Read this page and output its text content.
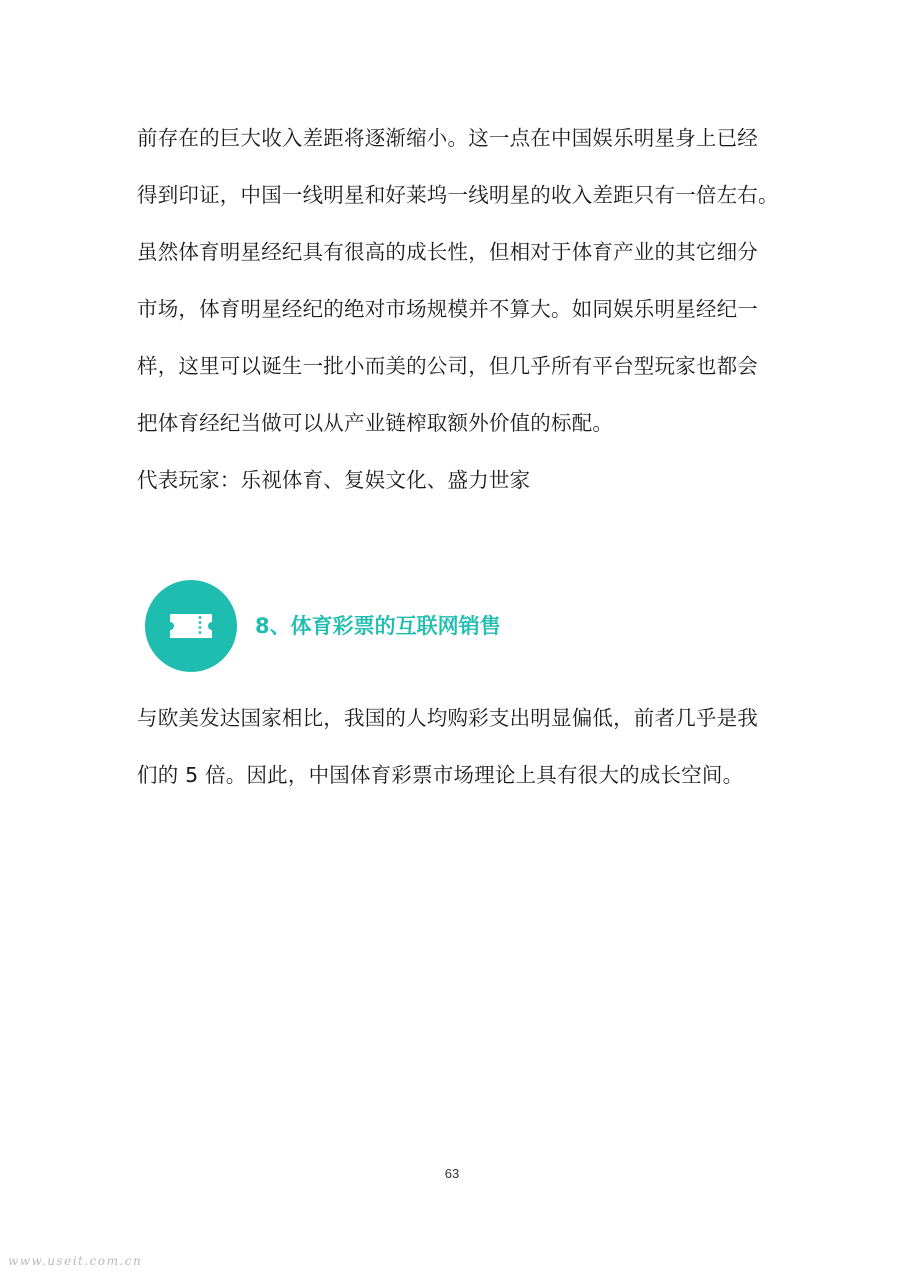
前存在的巨大收入差距将逐渐缩小。这一点在中国娱乐明星身上已经
得到印证，中国一线明星和好莱坞一线明星的收入差距只有一倍左右。

虽然体育明星经纪具有很高的成长性，但相对于体育产业的其它细分
市场，体育明星经纪的绝对市场规模并不算大。如同娱乐明星经纪一
样，这里可以诞生一批小而美的公司，但几乎所有平台型玩家也都会
把体育经纪当做可以从产业链榨取额外价值的标配。

代表玩家：乐视体育、复娱文化、盛力世家

8、体育彩票的互联网销售

与欧美发达国家相比，我国的人均购彩支出明显偏低，前者几乎是我
们的 5 倍。因此，中国体育彩票市场理论上具有很大的成长空间。

63
www.useit.com.cn
